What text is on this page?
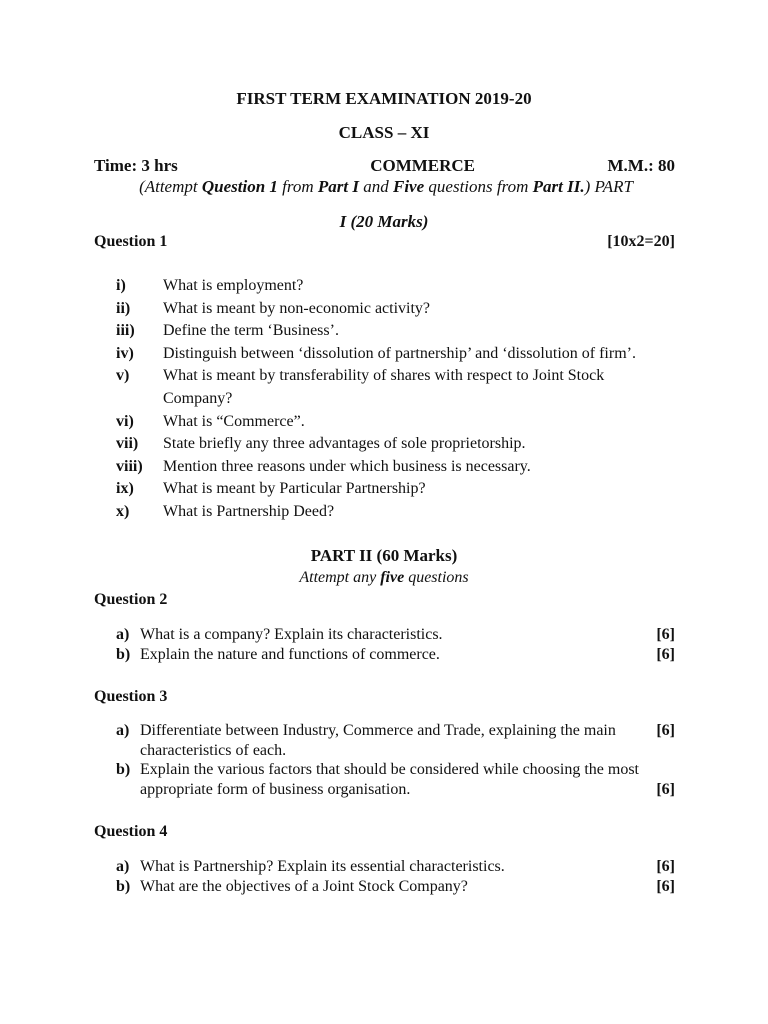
FIRST TERM EXAMINATION 2019-20
CLASS – XI
Time: 3 hrs	COMMERCE	M.M.: 80
(Attempt Question 1 from Part I and Five questions from Part II.) PART
I (20 Marks)
Question 1	[10x2=20]
i)	What is employment?
ii)	What is meant by non-economic activity?
iii)	Define the term ‘Business’.
iv)	Distinguish between ‘dissolution of partnership’ and ‘dissolution of firm’.
v)	What is meant by transferability of shares with respect to Joint Stock Company?
vi)	What is “Commerce”.
vii)	State briefly any three advantages of sole proprietorship.
viii)	Mention three reasons under which business is necessary.
ix)	What is meant by Particular Partnership?
x)	What is Partnership Deed?
PART II (60 Marks)
Attempt any five questions
Question 2
a) What is a company? Explain its characteristics.	[6]
b) Explain the nature and functions of commerce.	[6]
Question 3
a) Differentiate between Industry, Commerce and Trade, explaining the main characteristics of each.
[6]
b) Explain the various factors that should be considered while choosing the most appropriate form of business organisation.	[6]
Question 4
a) What is Partnership? Explain its essential characteristics.	[6]
b) What are the objectives of a Joint Stock Company?	[6]
